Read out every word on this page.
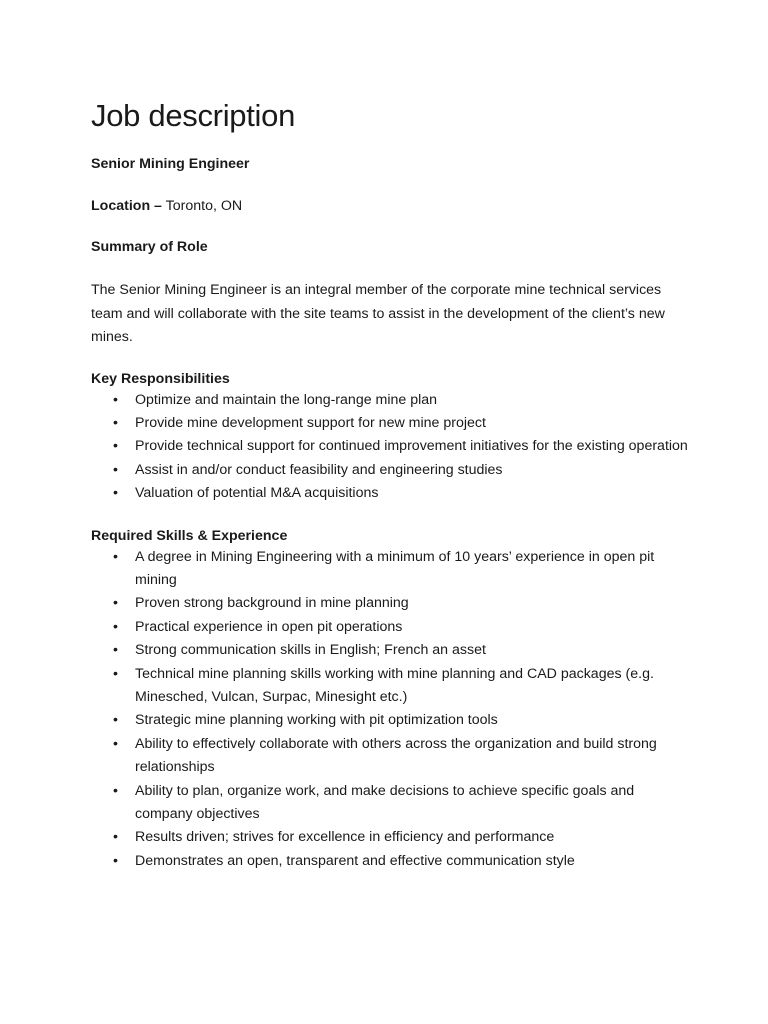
Job description
Senior Mining Engineer
Location – Toronto, ON
Summary of Role

The Senior Mining Engineer is an integral member of the corporate mine technical services team and will collaborate with the site teams to assist in the development of the client’s new mines.

Key Responsibilities
• Optimize and maintain the long-range mine plan
• Provide mine development support for new mine project
• Provide technical support for continued improvement initiatives for the existing operation
• Assist in and/or conduct feasibility and engineering studies
• Valuation of potential M&A acquisitions
Required Skills & Experience
• A degree in Mining Engineering with a minimum of 10 years’ experience in open pit mining
• Proven strong background in mine planning
• Practical experience in open pit operations
• Strong communication skills in English; French an asset
• Technical mine planning skills working with mine planning and CAD packages (e.g. Minesched, Vulcan, Surpac, Minesight etc.)
• Strategic mine planning working with pit optimization tools
• Ability to effectively collaborate with others across the organization and build strong relationships
• Ability to plan, organize work, and make decisions to achieve specific goals and company objectives
• Results driven; strives for excellence in efficiency and performance
• Demonstrates an open, transparent and effective communication style
